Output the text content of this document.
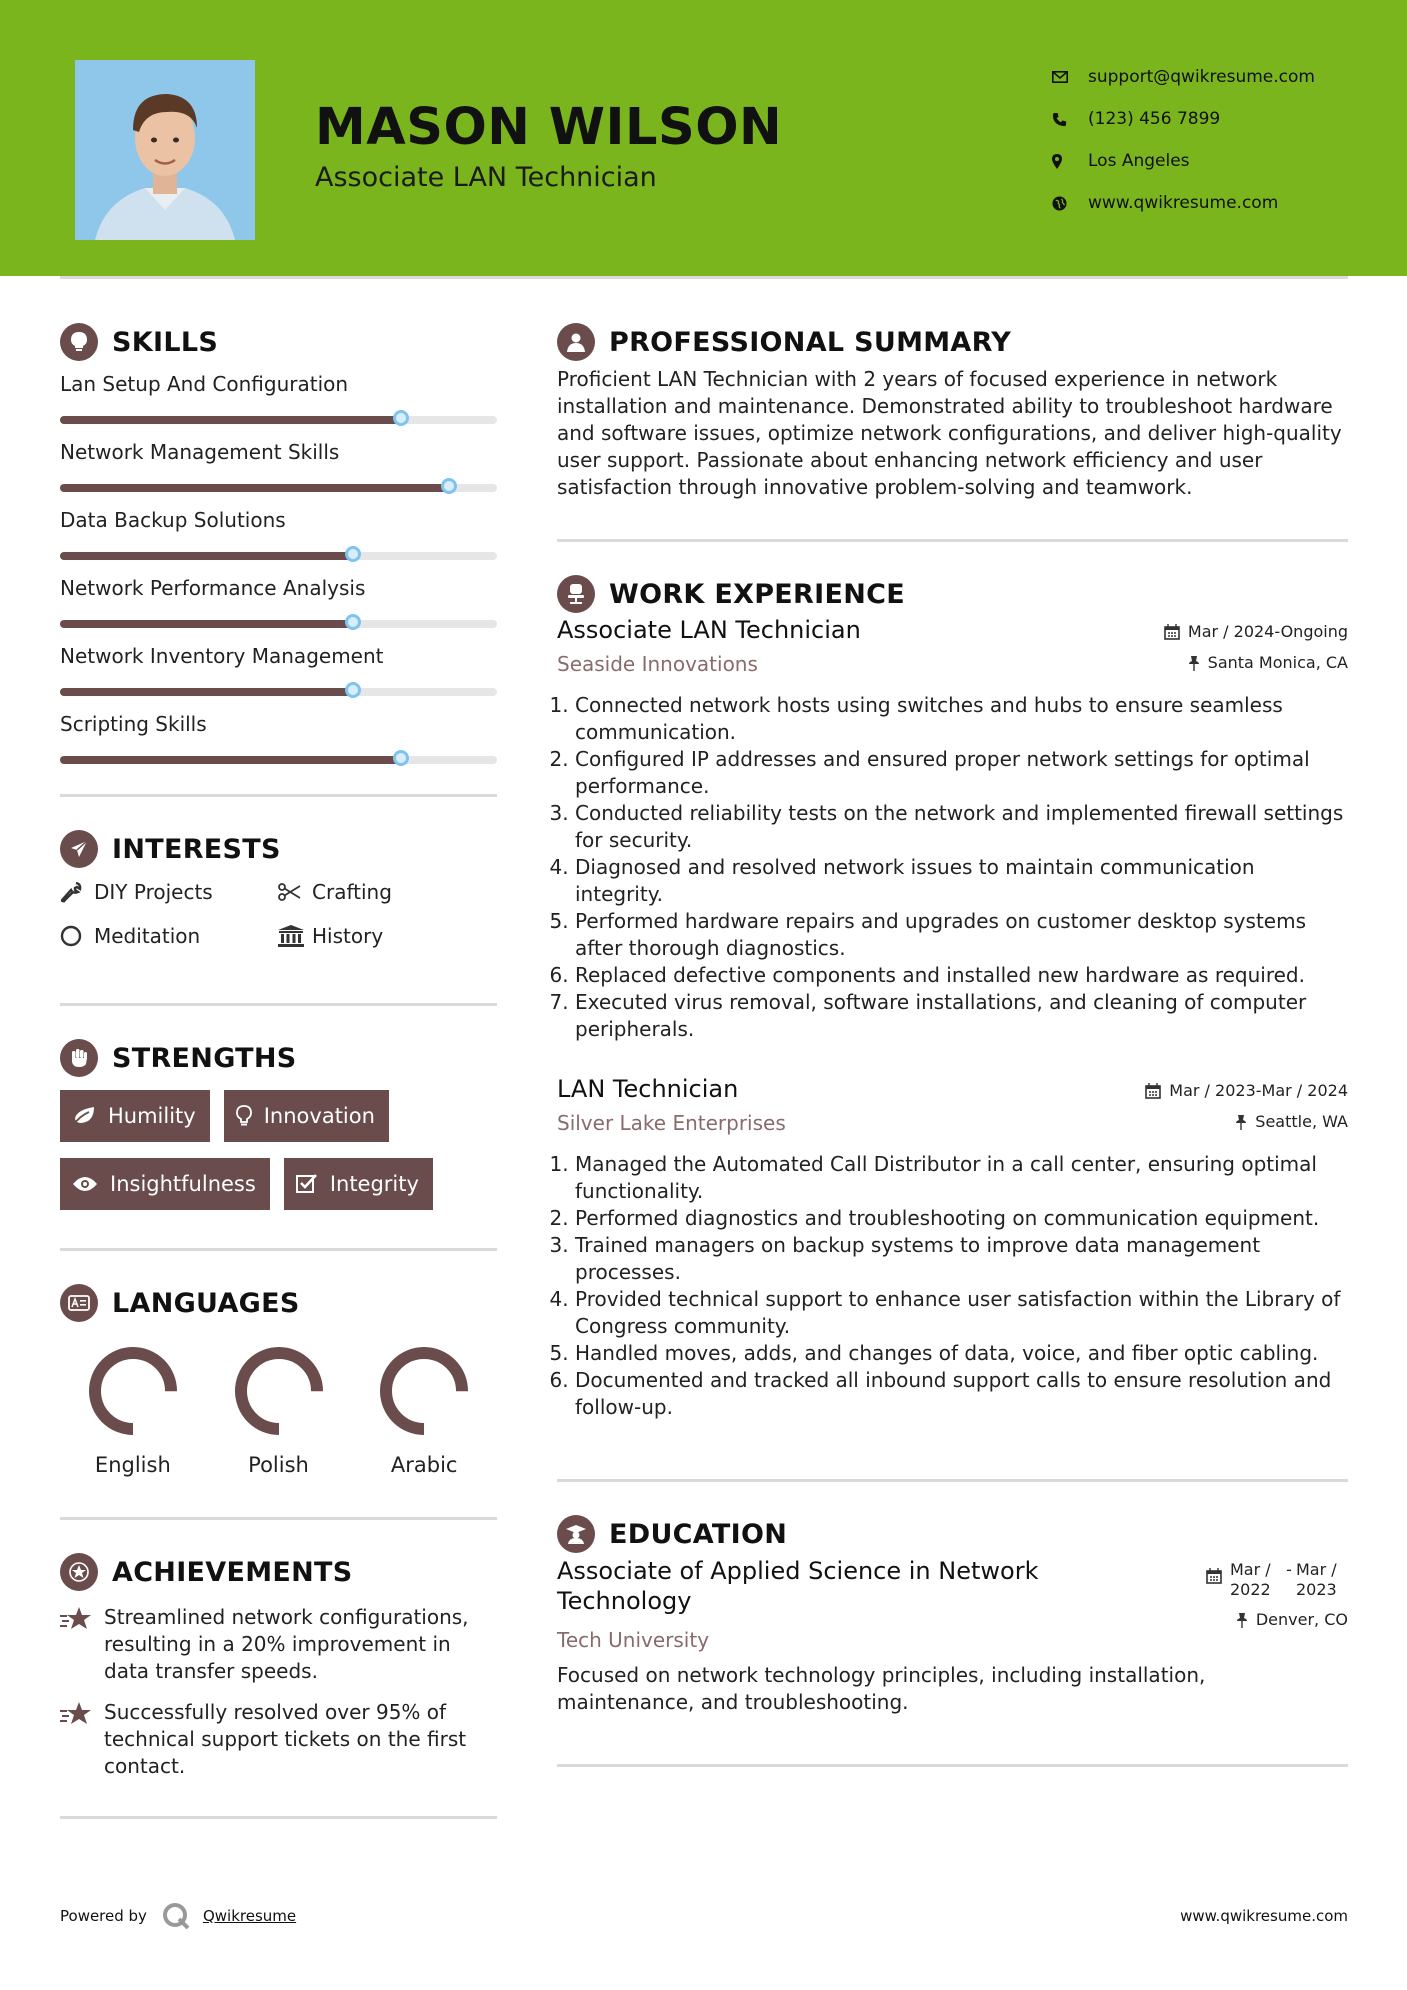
MASON WILSON
Associate LAN Technician
support@qwikresume.com
(123) 456 7899
Los Angeles
www.qwikresume.com
SKILLS
Lan Setup And Configuration
Network Management Skills
Data Backup Solutions
Network Performance Analysis
Network Inventory Management
Scripting Skills
INTERESTS
DIY Projects	Crafting
Meditation	History
STRENGTHS
Humility	Innovation
Insightfulness	Integrity
LANGUAGES
English	Polish	Arabic
ACHIEVEMENTS
Streamlined network configurations, resulting in a 20% improvement in data transfer speeds.
Successfully resolved over 95% of technical support tickets on the first contact.
PROFESSIONAL SUMMARY
Proficient LAN Technician with 2 years of focused experience in network installation and maintenance. Demonstrated ability to troubleshoot hardware and software issues, optimize network configurations, and deliver high-quality user support. Passionate about enhancing network efficiency and user satisfaction through innovative problem-solving and teamwork.
WORK EXPERIENCE
Associate LAN Technician
Seaside Innovations
Mar / 2024-Ongoing
Santa Monica, CA
1. Connected network hosts using switches and hubs to ensure seamless communication.
2. Configured IP addresses and ensured proper network settings for optimal performance.
3. Conducted reliability tests on the network and implemented firewall settings for security.
4. Diagnosed and resolved network issues to maintain communication integrity.
5. Performed hardware repairs and upgrades on customer desktop systems after thorough diagnostics.
6. Replaced defective components and installed new hardware as required.
7. Executed virus removal, software installations, and cleaning of computer peripherals.
LAN Technician
Silver Lake Enterprises
Mar / 2023-Mar / 2024
Seattle, WA
1. Managed the Automated Call Distributor in a call center, ensuring optimal functionality.
2. Performed diagnostics and troubleshooting on communication equipment.
3. Trained managers on backup systems to improve data management processes.
4. Provided technical support to enhance user satisfaction within the Library of Congress community.
5. Handled moves, adds, and changes of data, voice, and fiber optic cabling.
6. Documented and tracked all inbound support calls to ensure resolution and follow-up.
EDUCATION
Associate of Applied Science in Network Technology
Tech University
Mar / 2022
- Mar / 2023
Denver, CO
Focused on network technology principles, including installation, maintenance, and troubleshooting.
Powered by	Qwikresume	www.qwikresume.com
